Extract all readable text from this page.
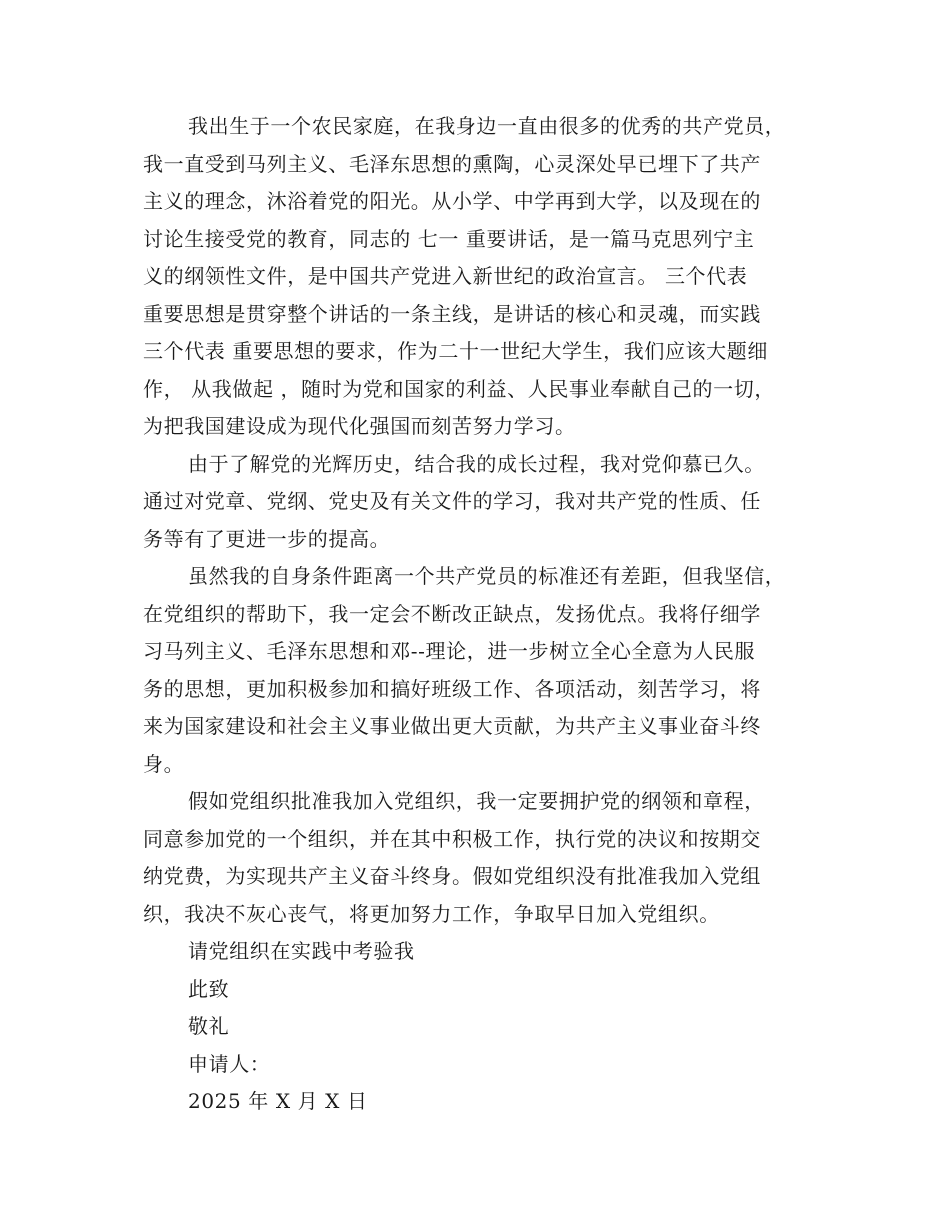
我出生于一个农民家庭，在我身边一直由很多的优秀的共产党员，
我一直受到马列主义、毛泽东思想的熏陶，心灵深处早已埋下了共产
主义的理念，沐浴着党的阳光。从小学、中学再到大学，以及现在的
讨论生接受党的教育，同志的 七一 重要讲话，是一篇马克思列宁主
义的纲领性文件，是中国共产党进入新世纪的政治宣言。 三个代表
重要思想是贯穿整个讲话的一条主线，是讲话的核心和灵魂，而实践
三个代表 重要思想的要求，作为二十一世纪大学生，我们应该大题细
作， 从我做起 ，随时为党和国家的利益、人民事业奉献自己的一切，
为把我国建设成为现代化强国而刻苦努力学习。
由于了解党的光辉历史，结合我的成长过程，我对党仰慕已久。
通过对党章、党纲、党史及有关文件的学习，我对共产党的性质、任
务等有了更进一步的提高。
虽然我的自身条件距离一个共产党员的标准还有差距，但我坚信，
在党组织的帮助下，我一定会不断改正缺点，发扬优点。我将仔细学
习马列主义、毛泽东思想和邓--理论，进一步树立全心全意为人民服
务的思想，更加积极参加和搞好班级工作、各项活动，刻苦学习，将
来为国家建设和社会主义事业做出更大贡献，为共产主义事业奋斗终
身。
假如党组织批准我加入党组织，我一定要拥护党的纲领和章程，
同意参加党的一个组织，并在其中积极工作，执行党的决议和按期交
纳党费，为实现共产主义奋斗终身。假如党组织没有批准我加入党组
织，我决不灰心丧气，将更加努力工作，争取早日加入党组织。
请党组织在实践中考验我
此致
敬礼
申请人：
2025 年 X 月 X 日
